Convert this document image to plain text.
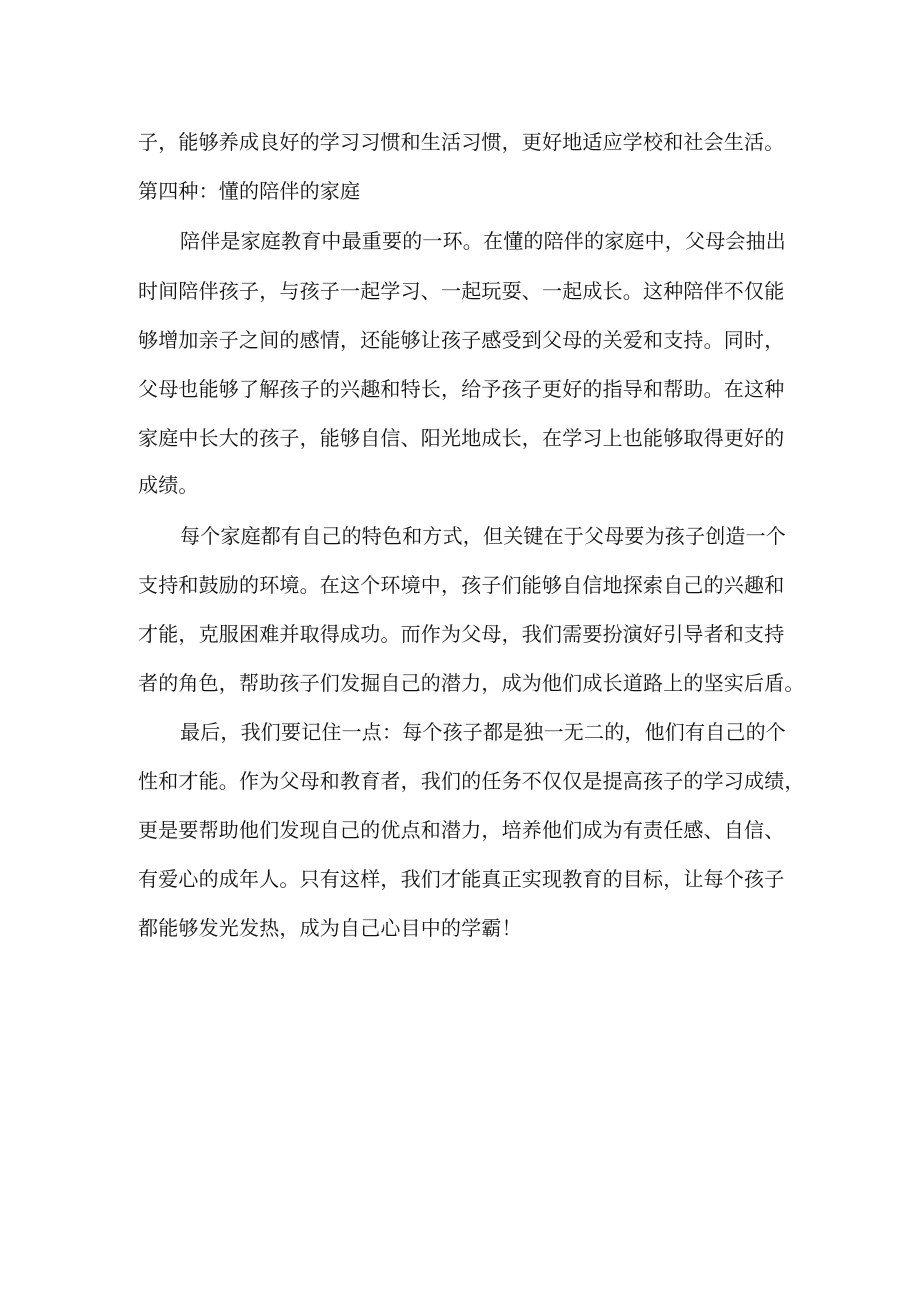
子，能够养成良好的学习习惯和生活习惯，更好地适应学校和社会生活。
第四种：懂的陪伴的家庭
陪伴是家庭教育中最重要的一环。在懂的陪伴的家庭中，父母会抽出
时间陪伴孩子，与孩子一起学习、一起玩耍、一起成长。这种陪伴不仅能
够增加亲子之间的感情，还能够让孩子感受到父母的关爱和支持。同时，
父母也能够了解孩子的兴趣和特长，给予孩子更好的指导和帮助。在这种
家庭中长大的孩子，能够自信、阳光地成长，在学习上也能够取得更好的
成绩。
每个家庭都有自己的特色和方式，但关键在于父母要为孩子创造一个
支持和鼓励的环境。在这个环境中，孩子们能够自信地探索自己的兴趣和
才能，克服困难并取得成功。而作为父母，我们需要扮演好引导者和支持
者的角色，帮助孩子们发掘自己的潜力，成为他们成长道路上的坚实后盾。
最后，我们要记住一点：每个孩子都是独一无二的，他们有自己的个
性和才能。作为父母和教育者，我们的任务不仅仅是提高孩子的学习成绩，
更是要帮助他们发现自己的优点和潜力，培养他们成为有责任感、自信、
有爱心的成年人。只有这样，我们才能真正实现教育的目标，让每个孩子
都能够发光发热，成为自己心目中的学霸！
